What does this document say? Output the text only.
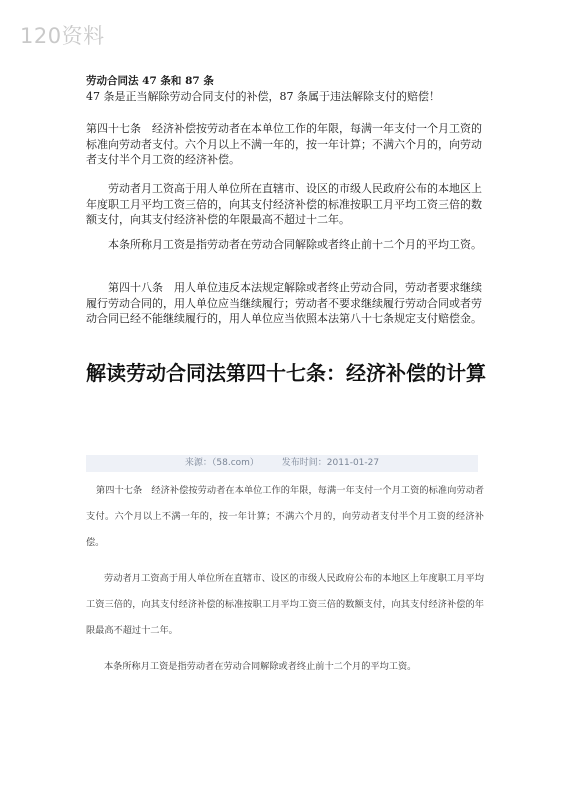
120资料
劳动合同法 47 条和 87 条
47 条是正当解除劳动合同支付的补偿，87 条属于违法解除支付的赔偿！
第四十七条　经济补偿按劳动者在本单位工作的年限，每满一年支付一个月工资的标准向劳动者支付。六个月以上不满一年的，按一年计算；不满六个月的，向劳动者支付半个月工资的经济补偿。
劳动者月工资高于用人单位所在直辖市、设区的市级人民政府公布的本地区上年度职工月平均工资三倍的，向其支付经济补偿的标准按职工月平均工资三倍的数额支付，向其支付经济补偿的年限最高不超过十二年。
本条所称月工资是指劳动者在劳动合同解除或者终止前十二个月的平均工资。
第四十八条　用人单位违反本法规定解除或者终止劳动合同，劳动者要求继续履行劳动合同的，用人单位应当继续履行；劳动者不要求继续履行劳动合同或者劳动合同已经不能继续履行的，用人单位应当依照本法第八十七条规定支付赔偿金。
解读劳动合同法第四十七条：经济补偿的计算
来源：（58.com）	发布时间：2011-01-27
第四十七条　经济补偿按劳动者在本单位工作的年限，每满一年支付一个月工资的标准向劳动者支付。六个月以上不满一年的，按一年计算；不满六个月的，向劳动者支付半个月工资的经济补偿。
劳动者月工资高于用人单位所在直辖市、设区的市级人民政府公布的本地区上年度职工月平均工资三倍的，向其支付经济补偿的标准按职工月平均工资三倍的数额支付，向其支付经济补偿的年限最高不超过十二年。
本条所称月工资是指劳动者在劳动合同解除或者终止前十二个月的平均工资。
